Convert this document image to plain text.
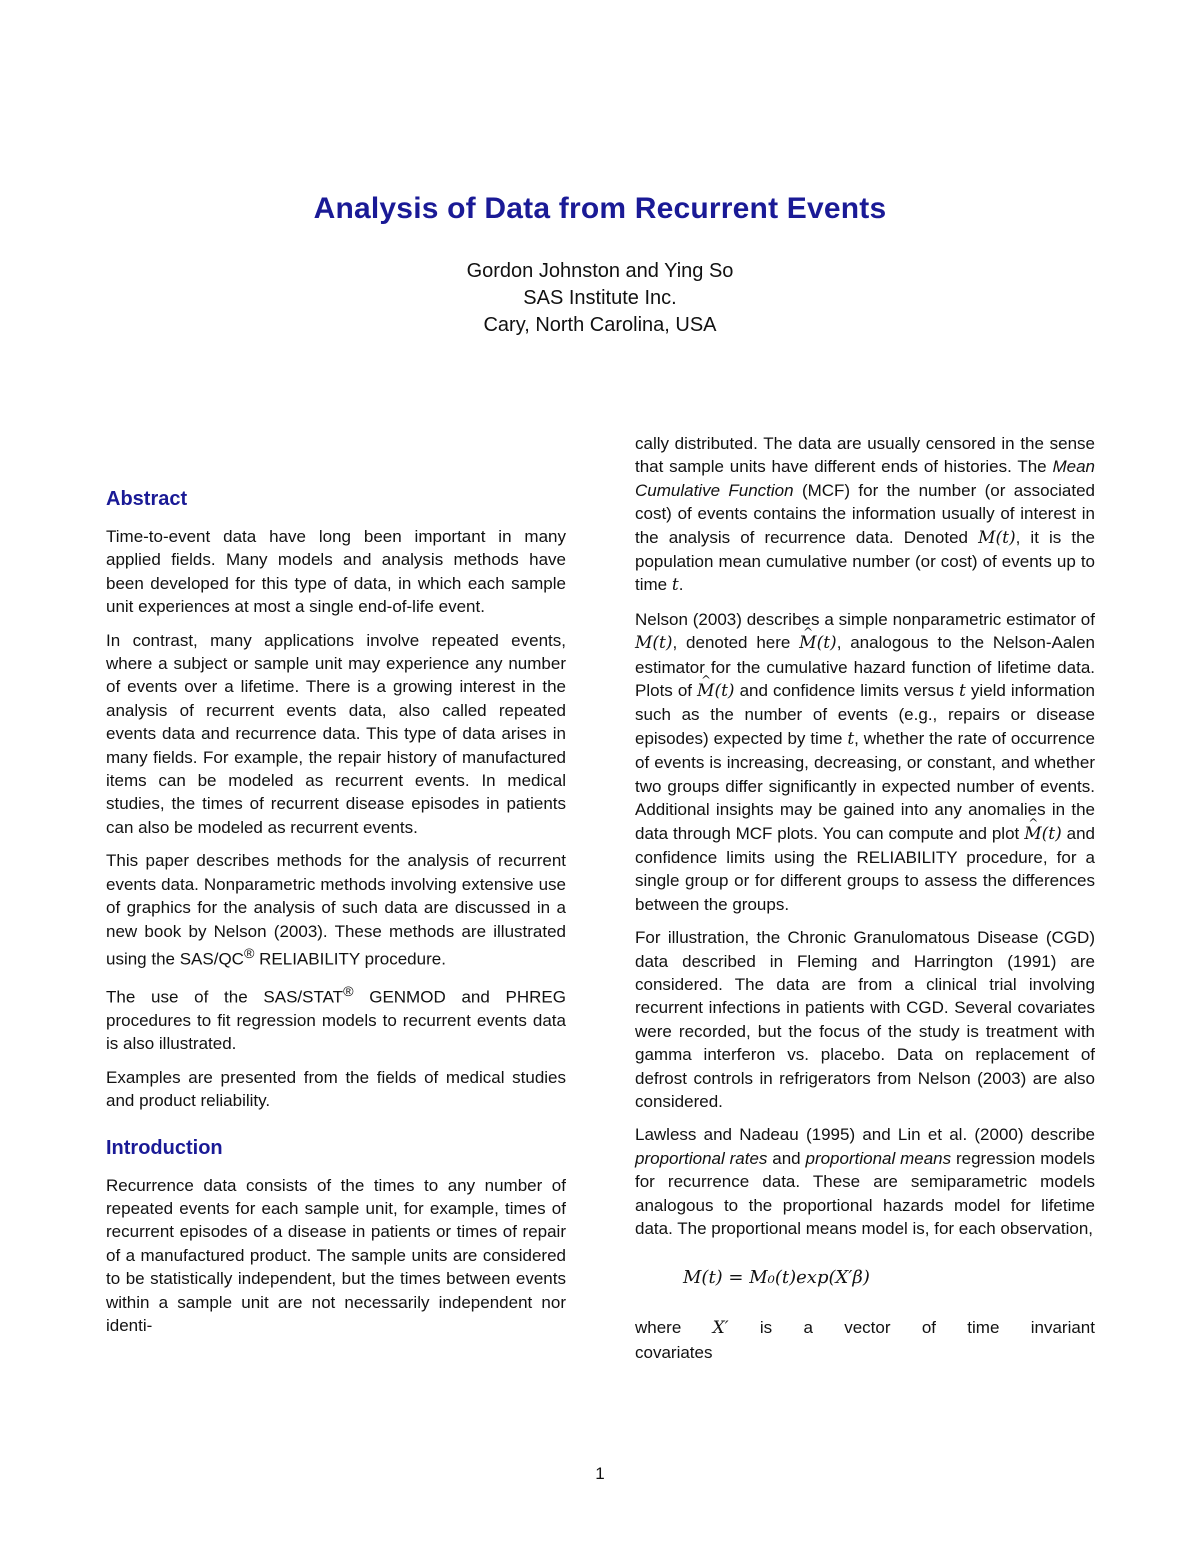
Analysis of Data from Recurrent Events
Gordon Johnston and Ying So
SAS Institute Inc.
Cary, North Carolina, USA
Abstract

Time-to-event data have long been important in many applied fields. Many models and analysis methods have been developed for this type of data, in which each sample unit experiences at most a single end-of-life event.

In contrast, many applications involve repeated events, where a subject or sample unit may experience any number of events over a lifetime. There is a growing interest in the analysis of recurrent events data, also called repeated events data and recurrence data. This type of data arises in many fields. For example, the repair history of manufactured items can be modeled as recurrent events. In medical studies, the times of recurrent disease episodes in patients can also be modeled as recurrent events.

This paper describes methods for the analysis of recurrent events data. Nonparametric methods involving extensive use of graphics for the analysis of such data are discussed in a new book by Nelson (2003). These methods are illustrated using the SAS/QC® RELIABILITY procedure.

The use of the SAS/STAT® GENMOD and PHREG procedures to fit regression models to recurrent events data is also illustrated.

Examples are presented from the fields of medical studies and product reliability.

Introduction

Recurrence data consists of the times to any number of repeated events for each sample unit, for example, times of recurrent episodes of a disease in patients or times of repair of a manufactured product. The sample units are considered to be statistically independent, but the times between events within a sample unit are not necessarily independent nor identi-

cally distributed. The data are usually censored in the sense that sample units have different ends of histories. The Mean Cumulative Function (MCF) for the number (or associated cost) of events contains the information usually of interest in the analysis of recurrence data. Denoted M(t), it is the population mean cumulative number (or cost) of events up to time t.

Nelson (2003) describes a simple nonparametric estimator of M(t), denoted here ^ M(t), analogous to the Nelson-Aalen estimator for the cumulative hazard function of lifetime data. Plots of ^ M(t) and confidence limits versus t yield information such as the number of events (e.g., repairs or disease episodes) expected by time t, whether the rate of occurrence of events is increasing, decreasing, or constant, and whether two groups differ significantly in expected number of events. Additional insights may be gained into any anomalies in the data through MCF plots. You can compute and plot ^ M(t) and confidence limits using the RELIABILITY procedure, for a single group or for different groups to assess the differences between the groups.

For illustration, the Chronic Granulomatous Disease (CGD) data described in Fleming and Harrington (1991) are considered. The data are from a clinical trial involving recurrent infections in patients with CGD. Several covariates were recorded, but the focus of the study is treatment with gamma interferon vs. placebo. Data on replacement of defrost controls in refrigerators from Nelson (2003) are also considered.

Lawless and Nadeau (1995) and Lin et al. (2000) describe proportional rates and proportional means regression models for recurrence data. These are semiparametric models analogous to the proportional hazards model for lifetime data. The proportional means model is, for each observation,

M(t) = M₀(t)exp(X′β)

where X′ is a vector of time invariant covariates

1
